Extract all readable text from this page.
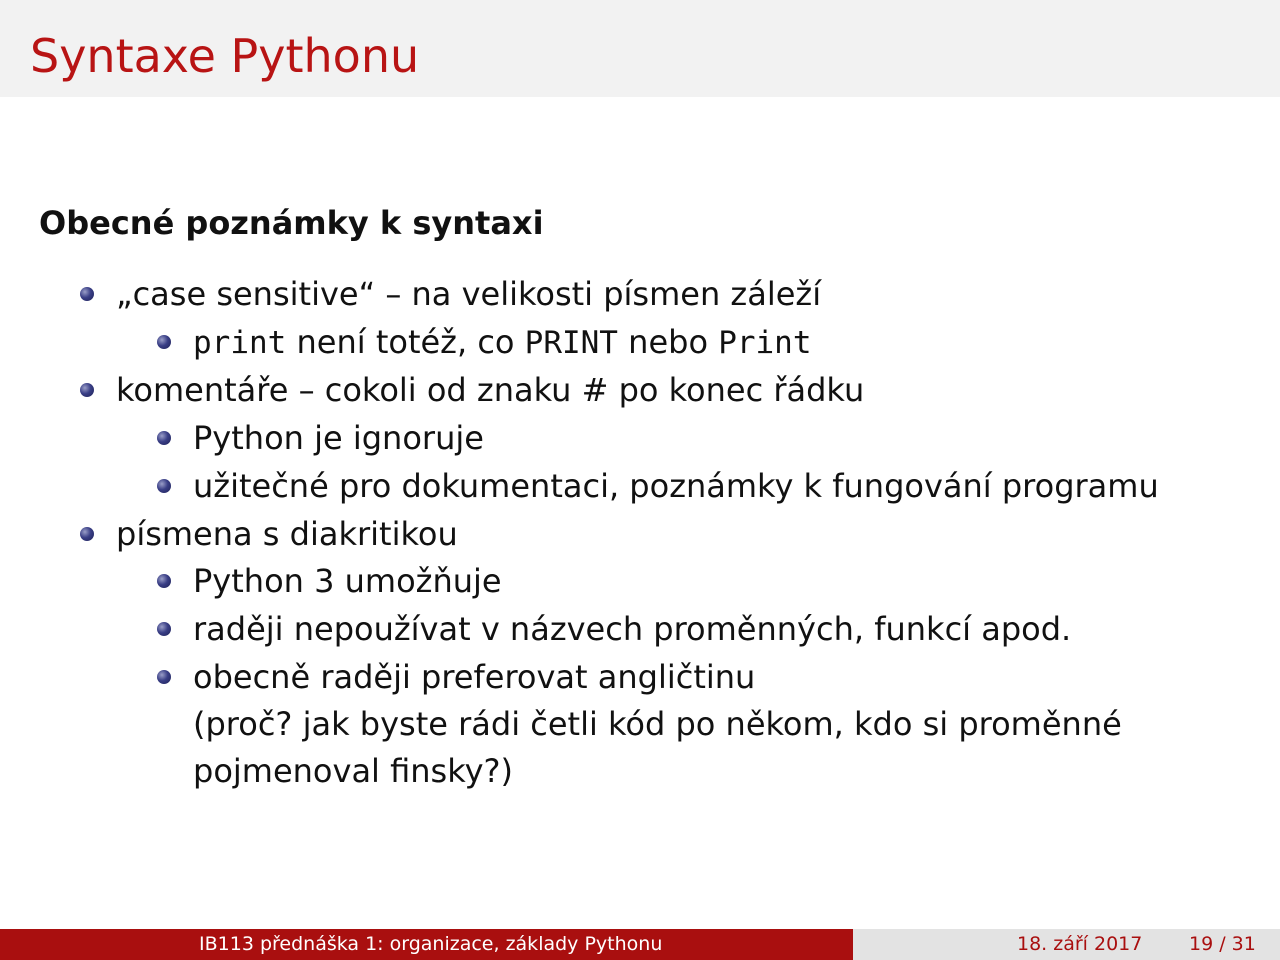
Syntaxe Pythonu
Obecné poznámky k syntaxi
„case sensitive“ – na velikosti písmen záleží
print není totéž, co PRINT nebo Print
komentáře – cokoli od znaku # po konec řádku
Python je ignoruje
užitečné pro dokumentaci, poznámky k fungování programu
písmena s diakritikou
Python 3 umožňuje
raději nepoužívat v názvech proměnných, funkcí apod.
obecně raději preferovat angličtinu
(proč? jak byste rádi četli kód po někom, kdo si proměnné
pojmenoval finsky?)
IB113 přednáška 1: organizace, základy Pythonu	18. září 2017 19 / 31
